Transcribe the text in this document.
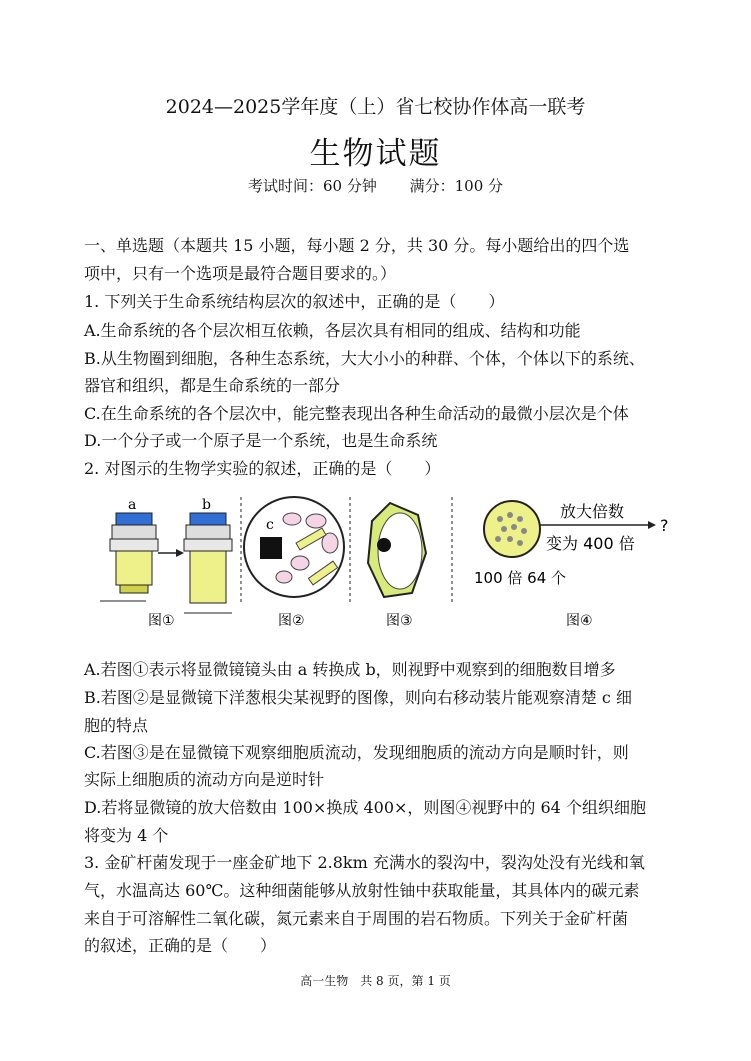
2024—2025学年度（上）省七校协作体高一联考
生物试题
考试时间：60 分钟 满分：100 分
一、单选题（本题共 15 小题，每小题 2 分，共 30 分。每小题给出的四个选
项中，只有一个选项是最符合题目要求的。）
1. 下列关于生命系统结构层次的叙述中，正确的是（　　）
A.生命系统的各个层次相互依赖，各层次具有相同的组成、结构和功能
B.从生物圈到细胞，各种生态系统，大大小小的种群、个体，个体以下的系统、
器官和组织，都是生命系统的一部分
C.在生命系统的各个层次中，能完整表现出各种生命活动的最微小层次是个体
D.一个分子或一个原子是一个系统，也是生命系统
2. 对图示的生物学实验的叙述，正确的是（　　）
a	b
图①
c
图②	图③
放大倍数
?
变为 400 倍
100 倍 64 个
图④
A.若图①表示将显微镜镜头由 a 转换成 b，则视野中观察到的细胞数目增多
B.若图②是显微镜下洋葱根尖某视野的图像，则向右移动装片能观察清楚 c 细
胞的特点
C.若图③是在显微镜下观察细胞质流动，发现细胞质的流动方向是顺时针，则
实际上细胞质的流动方向是逆时针
D.若将显微镜的放大倍数由 100×换成 400×，则图④视野中的 64 个组织细胞
将变为 4 个
3. 金矿杆菌发现于一座金矿地下 2.8km 充满水的裂沟中，裂沟处没有光线和氧
气，水温高达 60℃。这种细菌能够从放射性铀中获取能量，其具体内的碳元素
来自于可溶解性二氧化碳，氮元素来自于周围的岩石物质。下列关于金矿杆菌
的叙述，正确的是（　　）
高一生物　共 8 页，第 1 页
